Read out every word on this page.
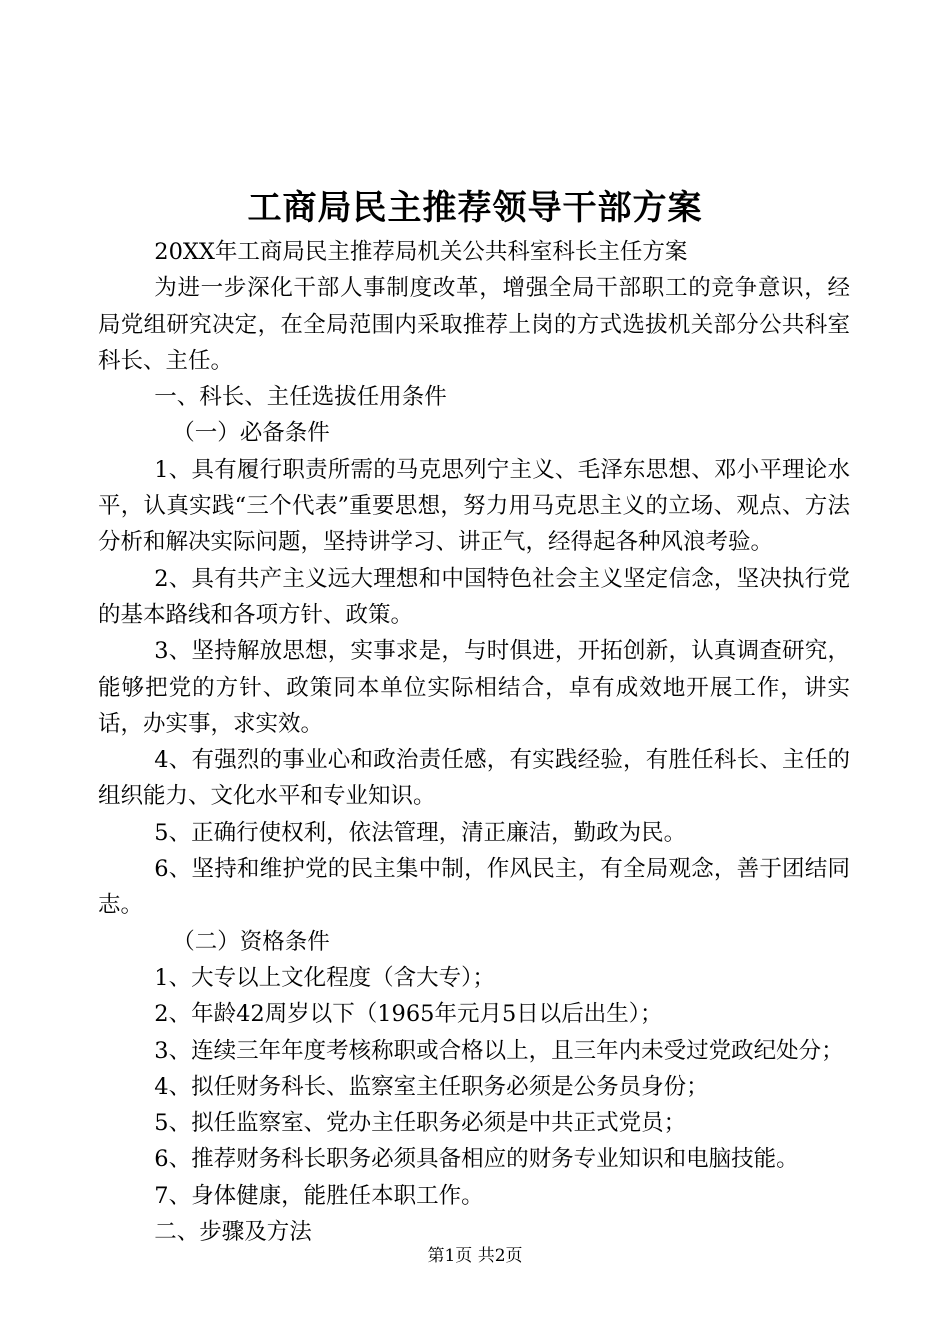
工商局民主推荐领导干部方案

20XX年工商局民主推荐局机关公共科室科长主任方案

为进一步深化干部人事制度改革，增强全局干部职工的竞争意识，经局党组研究决定，在全局范围内采取推荐上岗的方式选拔机关部分公共科室科长、主任。

一、科长、主任选拔任用条件

（一）必备条件

1、具有履行职责所需的马克思列宁主义、毛泽东思想、邓小平理论水平，认真实践“三个代表”重要思想，努力用马克思主义的立场、观点、方法分析和解决实际问题，坚持讲学习、讲正气，经得起各种风浪考验。

2、具有共产主义远大理想和中国特色社会主义坚定信念，坚决执行党的基本路线和各项方针、政策。

3、坚持解放思想，实事求是，与时俱进，开拓创新，认真调查研究，能够把党的方针、政策同本单位实际相结合，卓有成效地开展工作，讲实话，办实事，求实效。

4、有强烈的事业心和政治责任感，有实践经验，有胜任科长、主任的组织能力、文化水平和专业知识。

5、正确行使权利，依法管理，清正廉洁，勤政为民。

6、坚持和维护党的民主集中制，作风民主，有全局观念，善于团结同志。

（二）资格条件

1、大专以上文化程度（含大专）；

2、年龄42周岁以下（1965年元月5日以后出生）；

3、连续三年年度考核称职或合格以上，且三年内未受过党政纪处分；

4、拟任财务科长、监察室主任职务必须是公务员身份；

5、拟任监察室、党办主任职务必须是中共正式党员；

6、推荐财务科长职务必须具备相应的财务专业知识和电脑技能。

7、身体健康，能胜任本职工作。

二、步骤及方法

第1页 共2页
